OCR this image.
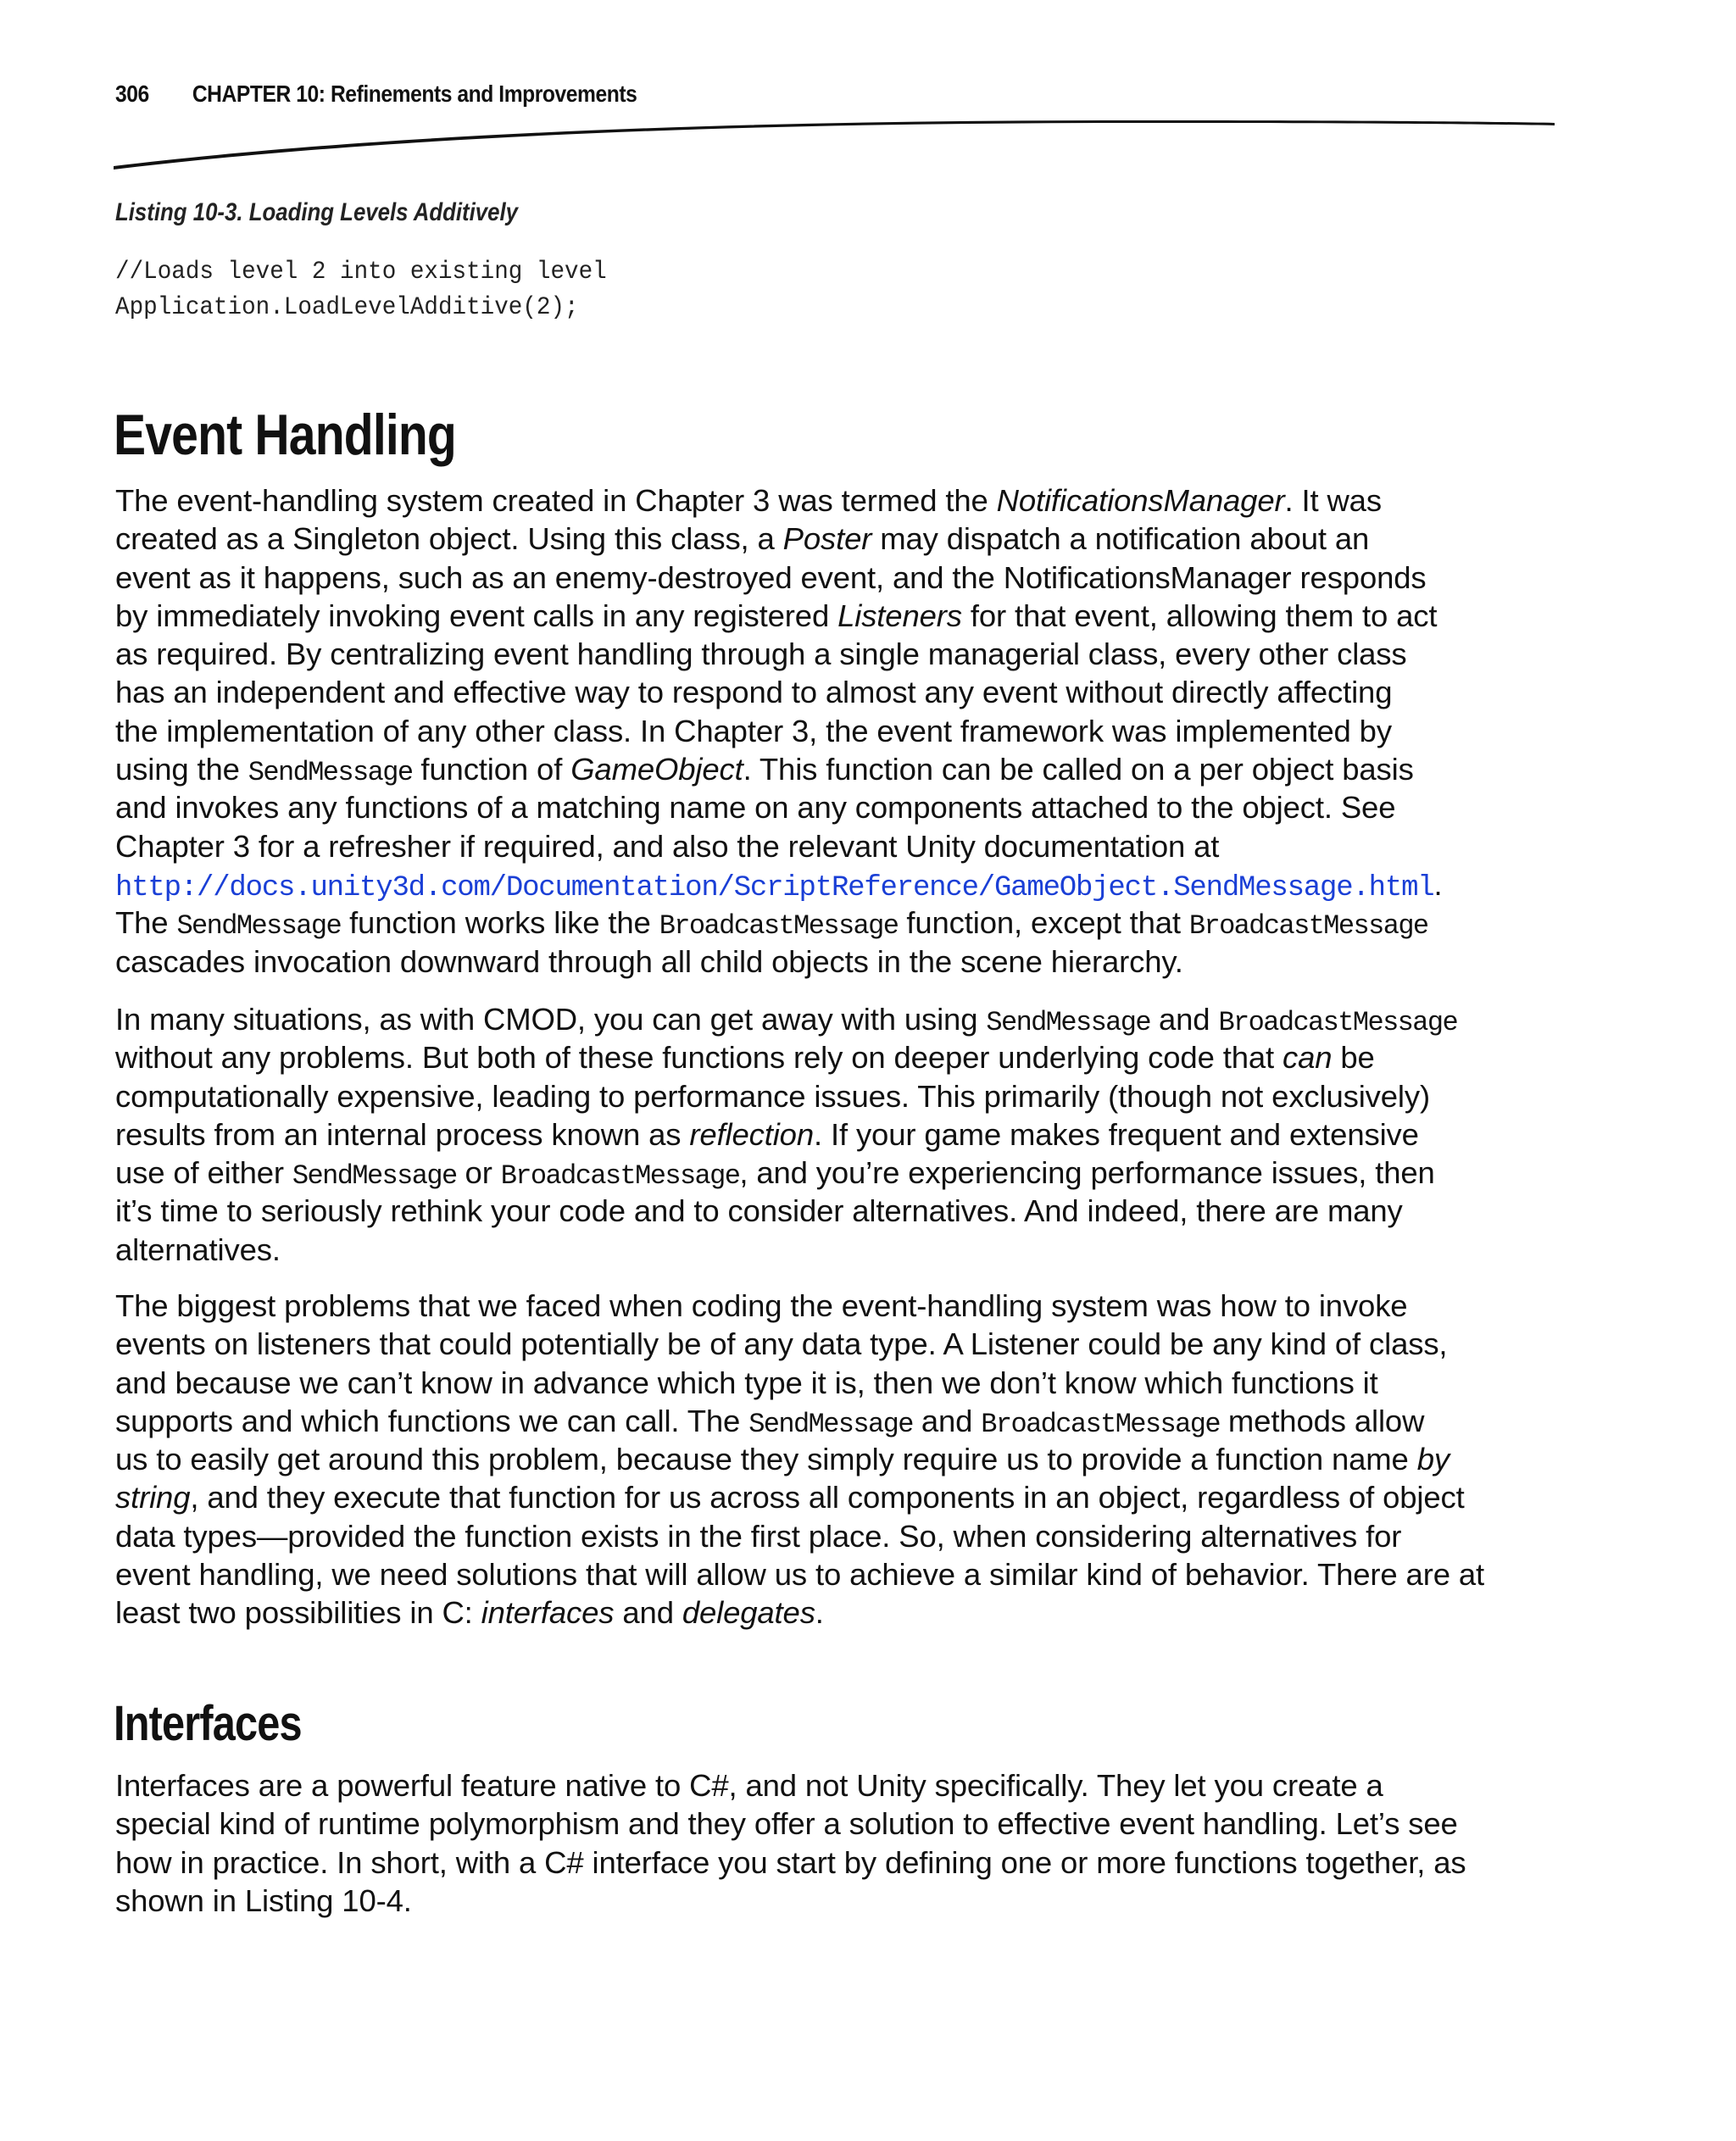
306 CHAPTER 10: Refinements and Improvements
Listing 10-3. Loading Levels Additively
//Loads level 2 into existing level
Application.LoadLevelAdditive(2);
Event Handling
The event-handling system created in Chapter 3 was termed the NotificationsManager. It was
created as a Singleton object. Using this class, a Poster may dispatch a notification about an
event as it happens, such as an enemy-destroyed event, and the NotificationsManager responds
by immediately invoking event calls in any registered Listeners for that event, allowing them to act
as required. By centralizing event handling through a single managerial class, every other class
has an independent and effective way to respond to almost any event without directly affecting
the implementation of any other class. In Chapter 3, the event framework was implemented by
using the SendMessage function of GameObject. This function can be called on a per object basis
and invokes any functions of a matching name on any components attached to the object. See
Chapter 3 for a refresher if required, and also the relevant Unity documentation at
http://docs.unity3d.com/Documentation/ScriptReference/GameObject.SendMessage.html.
The SendMessage function works like the BroadcastMessage function, except that BroadcastMessage
cascades invocation downward through all child objects in the scene hierarchy.
In many situations, as with CMOD, you can get away with using SendMessage and BroadcastMessage
without any problems. But both of these functions rely on deeper underlying code that can be
computationally expensive, leading to performance issues. This primarily (though not exclusively)
results from an internal process known as reflection. If your game makes frequent and extensive
use of either SendMessage or BroadcastMessage, and you’re experiencing performance issues, then
it’s time to seriously rethink your code and to consider alternatives. And indeed, there are many
alternatives.
The biggest problems that we faced when coding the event-handling system was how to invoke
events on listeners that could potentially be of any data type. A Listener could be any kind of class,
and because we can’t know in advance which type it is, then we don’t know which functions it
supports and which functions we can call. The SendMessage and BroadcastMessage methods allow
us to easily get around this problem, because they simply require us to provide a function name by
string, and they execute that function for us across all components in an object, regardless of object
data types—provided the function exists in the first place. So, when considering alternatives for
event handling, we need solutions that will allow us to achieve a similar kind of behavior. There are at
least two possibilities in C: interfaces and delegates.
Interfaces
Interfaces are a powerful feature native to C#, and not Unity specifically. They let you create a
special kind of runtime polymorphism and they offer a solution to effective event handling. Let’s see
how in practice. In short, with a C# interface you start by defining one or more functions together, as
shown in Listing 10-4.
